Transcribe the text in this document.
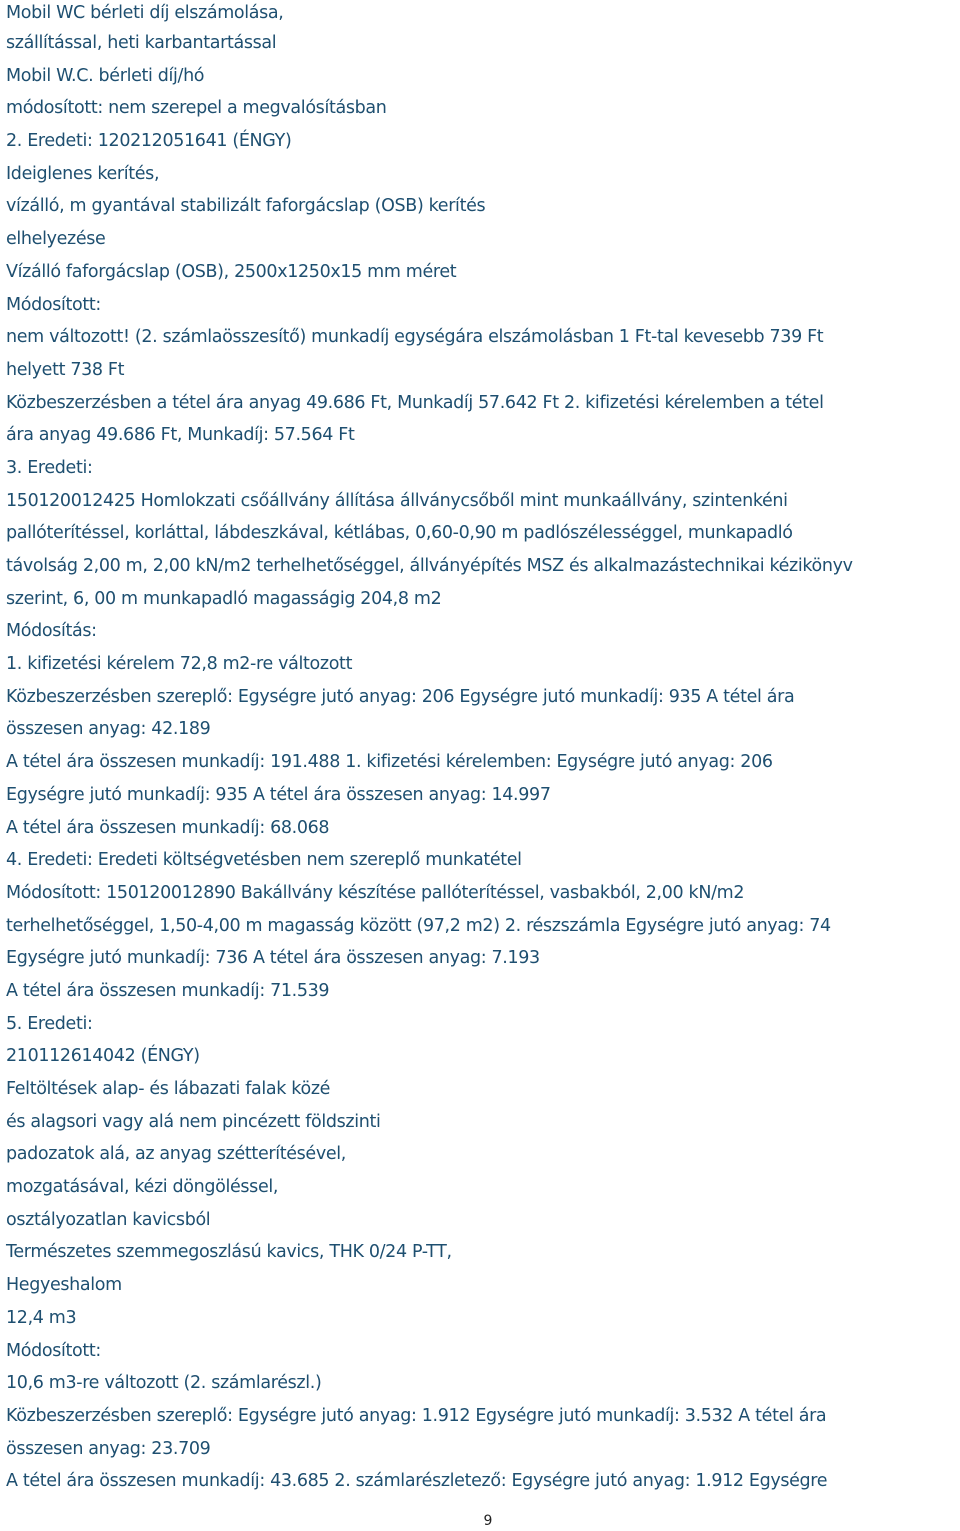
Mobil WC bérleti díj elszámolása,
szállítással, heti karbantartással
Mobil W.C. bérleti díj/hó
módosított: nem szerepel a megvalósításban
2. Eredeti: 120212051641 (ÉNGY)
Ideiglenes kerítés,
vízálló, m gyantával stabilizált faforgácslap (OSB) kerítés
elhelyezése
Vízálló faforgácslap (OSB), 2500x1250x15 mm méret
Módosított:
nem változott! (2. számlaösszesítő) munkadíj egységára elszámolásban 1 Ft-tal kevesebb 739 Ft
helyett 738 Ft
Közbeszerzésben a tétel ára anyag 49.686 Ft, Munkadíj 57.642 Ft 2. kifizetési kérelemben a tétel
ára anyag 49.686 Ft, Munkadíj: 57.564 Ft
3. Eredeti:
150120012425 Homlokzati csőállvány állítása állványcsőből mint munkaállvány, szintenkéni
pallóterítéssel, korláttal, lábdeszkával, kétlábas, 0,60-0,90 m padlószélességgel, munkapadló
távolság 2,00 m, 2,00 kN/m2 terhelhetőséggel, állványépítés MSZ és alkalmazástechnikai kézikönyv
szerint, 6, 00 m munkapadló magasságig 204,8 m2
Módosítás:
1. kifizetési kérelem 72,8 m2-re változott
Közbeszerzésben szereplő: Egységre jutó anyag: 206 Egységre jutó munkadíj: 935 A tétel ára
összesen anyag: 42.189
A tétel ára összesen munkadíj: 191.488 1. kifizetési kérelemben: Egységre jutó anyag: 206
Egységre jutó munkadíj: 935 A tétel ára összesen anyag: 14.997
A tétel ára összesen munkadíj: 68.068
4. Eredeti: Eredeti költségvetésben nem szereplő munkatétel
Módosított: 150120012890 Bakállvány készítése pallóterítéssel, vasbakból, 2,00 kN/m2
terhelhetőséggel, 1,50-4,00 m magasság között (97,2 m2) 2. részszámla Egységre jutó anyag: 74
Egységre jutó munkadíj: 736 A tétel ára összesen anyag: 7.193
A tétel ára összesen munkadíj: 71.539
5. Eredeti:
210112614042 (ÉNGY)
Feltöltések alap- és lábazati falak közé
és alagsori vagy alá nem pincézett földszinti
padozatok alá, az anyag szétterítésével,
mozgatásával, kézi döngöléssel,
osztályozatlan kavicsból
Természetes szemmegoszlású kavics, THK 0/24 P-TT,
Hegyeshalom
12,4 m3
Módosított:
10,6 m3-re változott (2. számlarészl.)
Közbeszerzésben szereplő: Egységre jutó anyag: 1.912 Egységre jutó munkadíj: 3.532 A tétel ára
összesen anyag: 23.709
A tétel ára összesen munkadíj: 43.685 2. számlarészletező: Egységre jutó anyag: 1.912 Egységre
9
